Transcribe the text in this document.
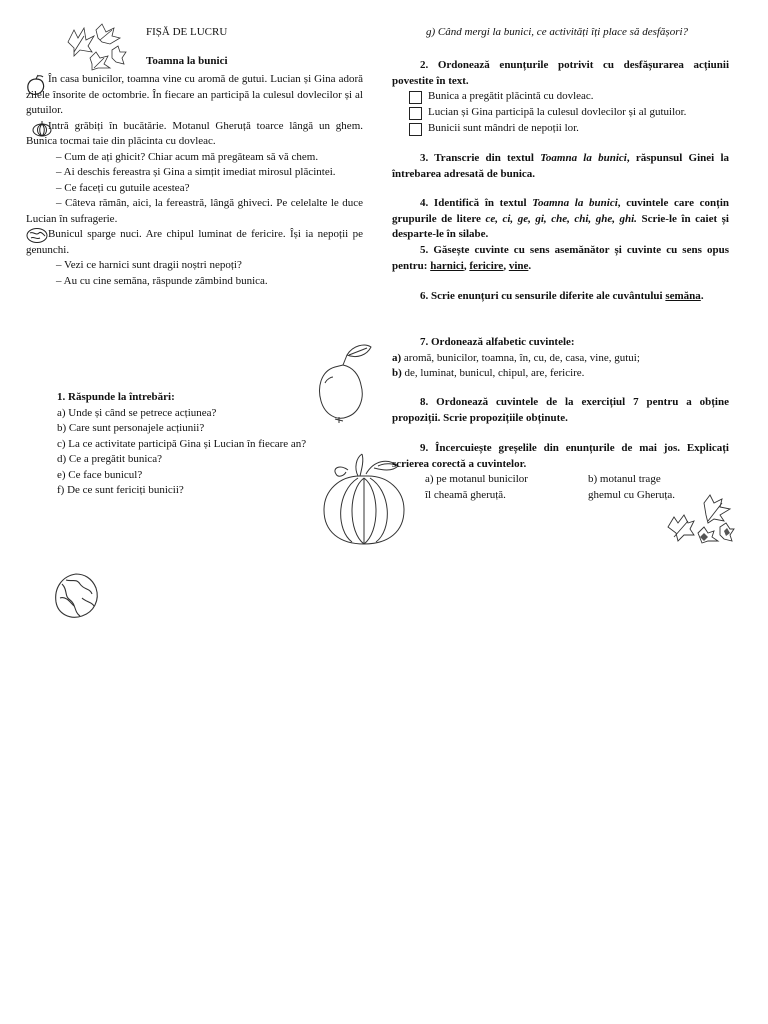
FIȘĂ DE LUCRU
Toamna la bunici

În casa bunicilor, toamna vine cu aromă de gutui. Lucian și Gina adoră zilele însorite de octombrie. În fiecare an participă la culesul dovlecilor și al gutuilor.

Intră grăbiți în bucătărie. Motanul Gheruță toarce lângă un ghem. Bunica tocmai taie din plăcinta cu dovleac.

– Cum de ați ghicit? Chiar acum mă pregăteam să vă chem.

– Ai deschis fereastra și Gina a simțit imediat mirosul plăcintei.

– Ce faceți cu gutuile acestea?

– Câteva rămân, aici, la fereastră, lângă ghiveci. Pe celelalte le duce Lucian în sufragerie.

Bunicul sparge nuci. Are chipul luminat de fericire. Își ia nepoții pe genunchi.

– Vezi ce harnici sunt dragii noștri nepoți?

– Au cu cine semăna, răspunde zâmbind bunica.

1. Răspunde la întrebări:
a) Unde și când se petrece acțiunea?
b) Care sunt personajele acțiunii?
c) La ce activitate participă Gina și Lucian în fiecare an?
d) Ce a pregătit bunica?
e) Ce face bunicul?
f) De ce sunt fericiți bunicii?
g) Când mergi la bunici, ce activități îți place să desfășori?

2. Ordonează enunțurile potrivit cu desfășurarea acțiunii povestite în text.

Bunica a pregătit plăcintă cu dovleac.
Lucian și Gina participă la culesul dovlecilor și al gutuilor.
Bunicii sunt mândri de nepoții lor.

3. Transcrie din textul Toamna la bunici, răspunsul Ginei la întrebarea adresată de bunica.

4. Identifică în textul Toamna la bunici, cuvintele care conțin grupurile de litere ce, ci, ge, gi, che, chi, ghe, ghi. Scrie-le în caiet și desparte-le în silabe.

5. Găsește cuvinte cu sens asemănător și cuvinte cu sens opus pentru: harnici, fericire, vine.

6. Scrie enunțuri cu sensurile diferite ale cuvântului semăna.

7. Ordonează alfabetic cuvintele:
a) aromă, bunicilor, toamna, în, cu, de, casa, vine, gutui;
b) de, luminat, bunicul, chipul, are, fericire.

8. Ordonează cuvintele de la exercițiul 7 pentru a obține propoziții. Scrie propozițiile obținute.

9. Încercuiește greșelile din enunțurile de mai jos. Explicați scrierea corectă a cuvintelor.

a) pe motanul bunicilor
îl cheamă gheruță.
b) motanul trage
ghemul cu Gheruța.
